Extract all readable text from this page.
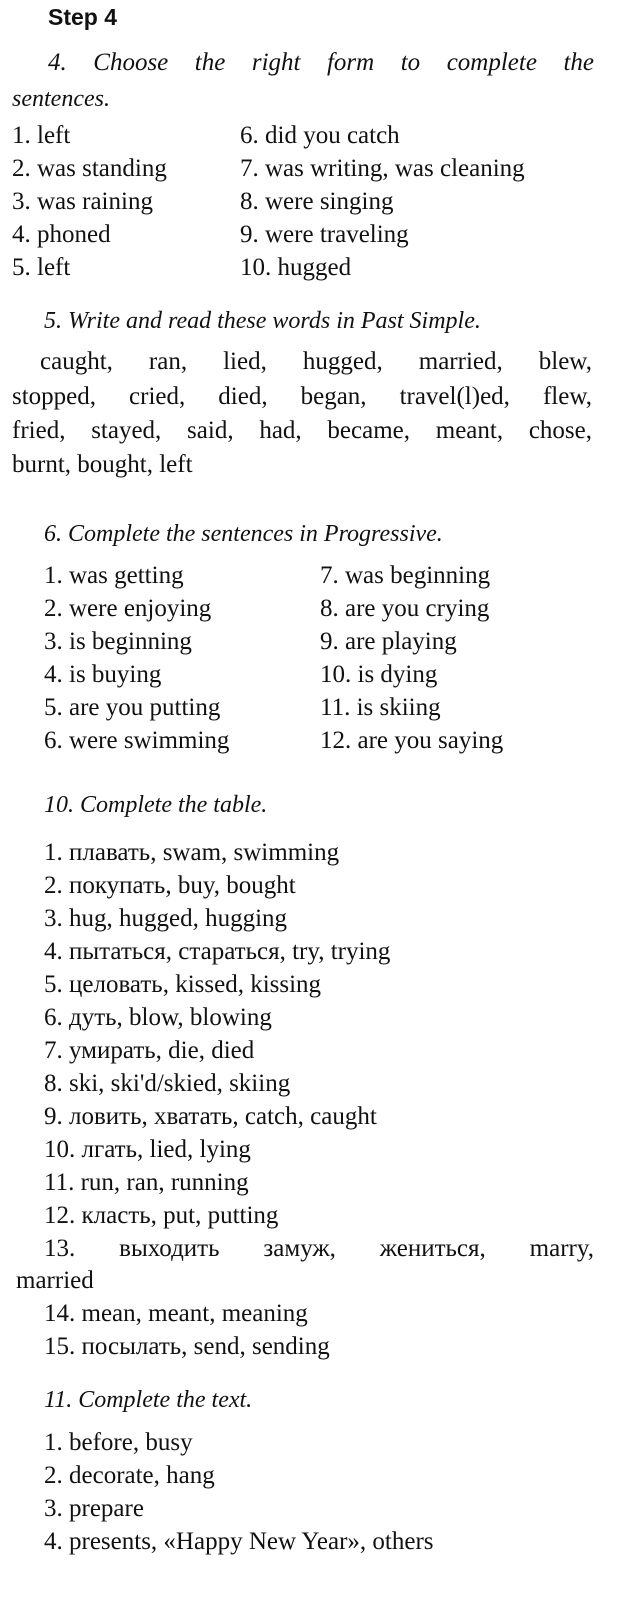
Step 4
4. Choose the right form to complete the
sentences.
1. left
2. was standing
3. was raining
4. phoned
5. left
6. did you catch
7. was writing, was cleaning
8. were singing
9. were traveling
10. hugged
5. Write and read these words in Past Simple.
caught, ran, lied, hugged, married, blew,
stopped, cried, died, began, travel(l)ed, flew,
fried, stayed, said, had, became, meant, chose,
burnt, bought, left
6. Complete the sentences in Progressive.
1. was getting
2. were enjoying
3. is beginning
4. is buying
5. are you putting
6. were swimming
7. was beginning
8. are you crying
9. are playing
10. is dying
11. is skiing
12. are you saying
10. Complete the table.
1. плавать, swam, swimming
2. покупать, buy, bought
3. hug, hugged, hugging
4. пытаться, стараться, try, trying
5. целовать, kissed, kissing
6. дуть, blow, blowing
7. умирать, die, died
8. ski, ski'd/skied, skiing
9. ловить, хватать, catch, caught
10. лгать, lied, lying
11. run, ran, running
12. класть, put, putting
13. выходить замуж, жениться, marry,
married
14. mean, meant, meaning
15. посылать, send, sending
11. Complete the text.
1. before, busy
2. decorate, hang
3. prepare
4. presents, «Happy New Year», others
